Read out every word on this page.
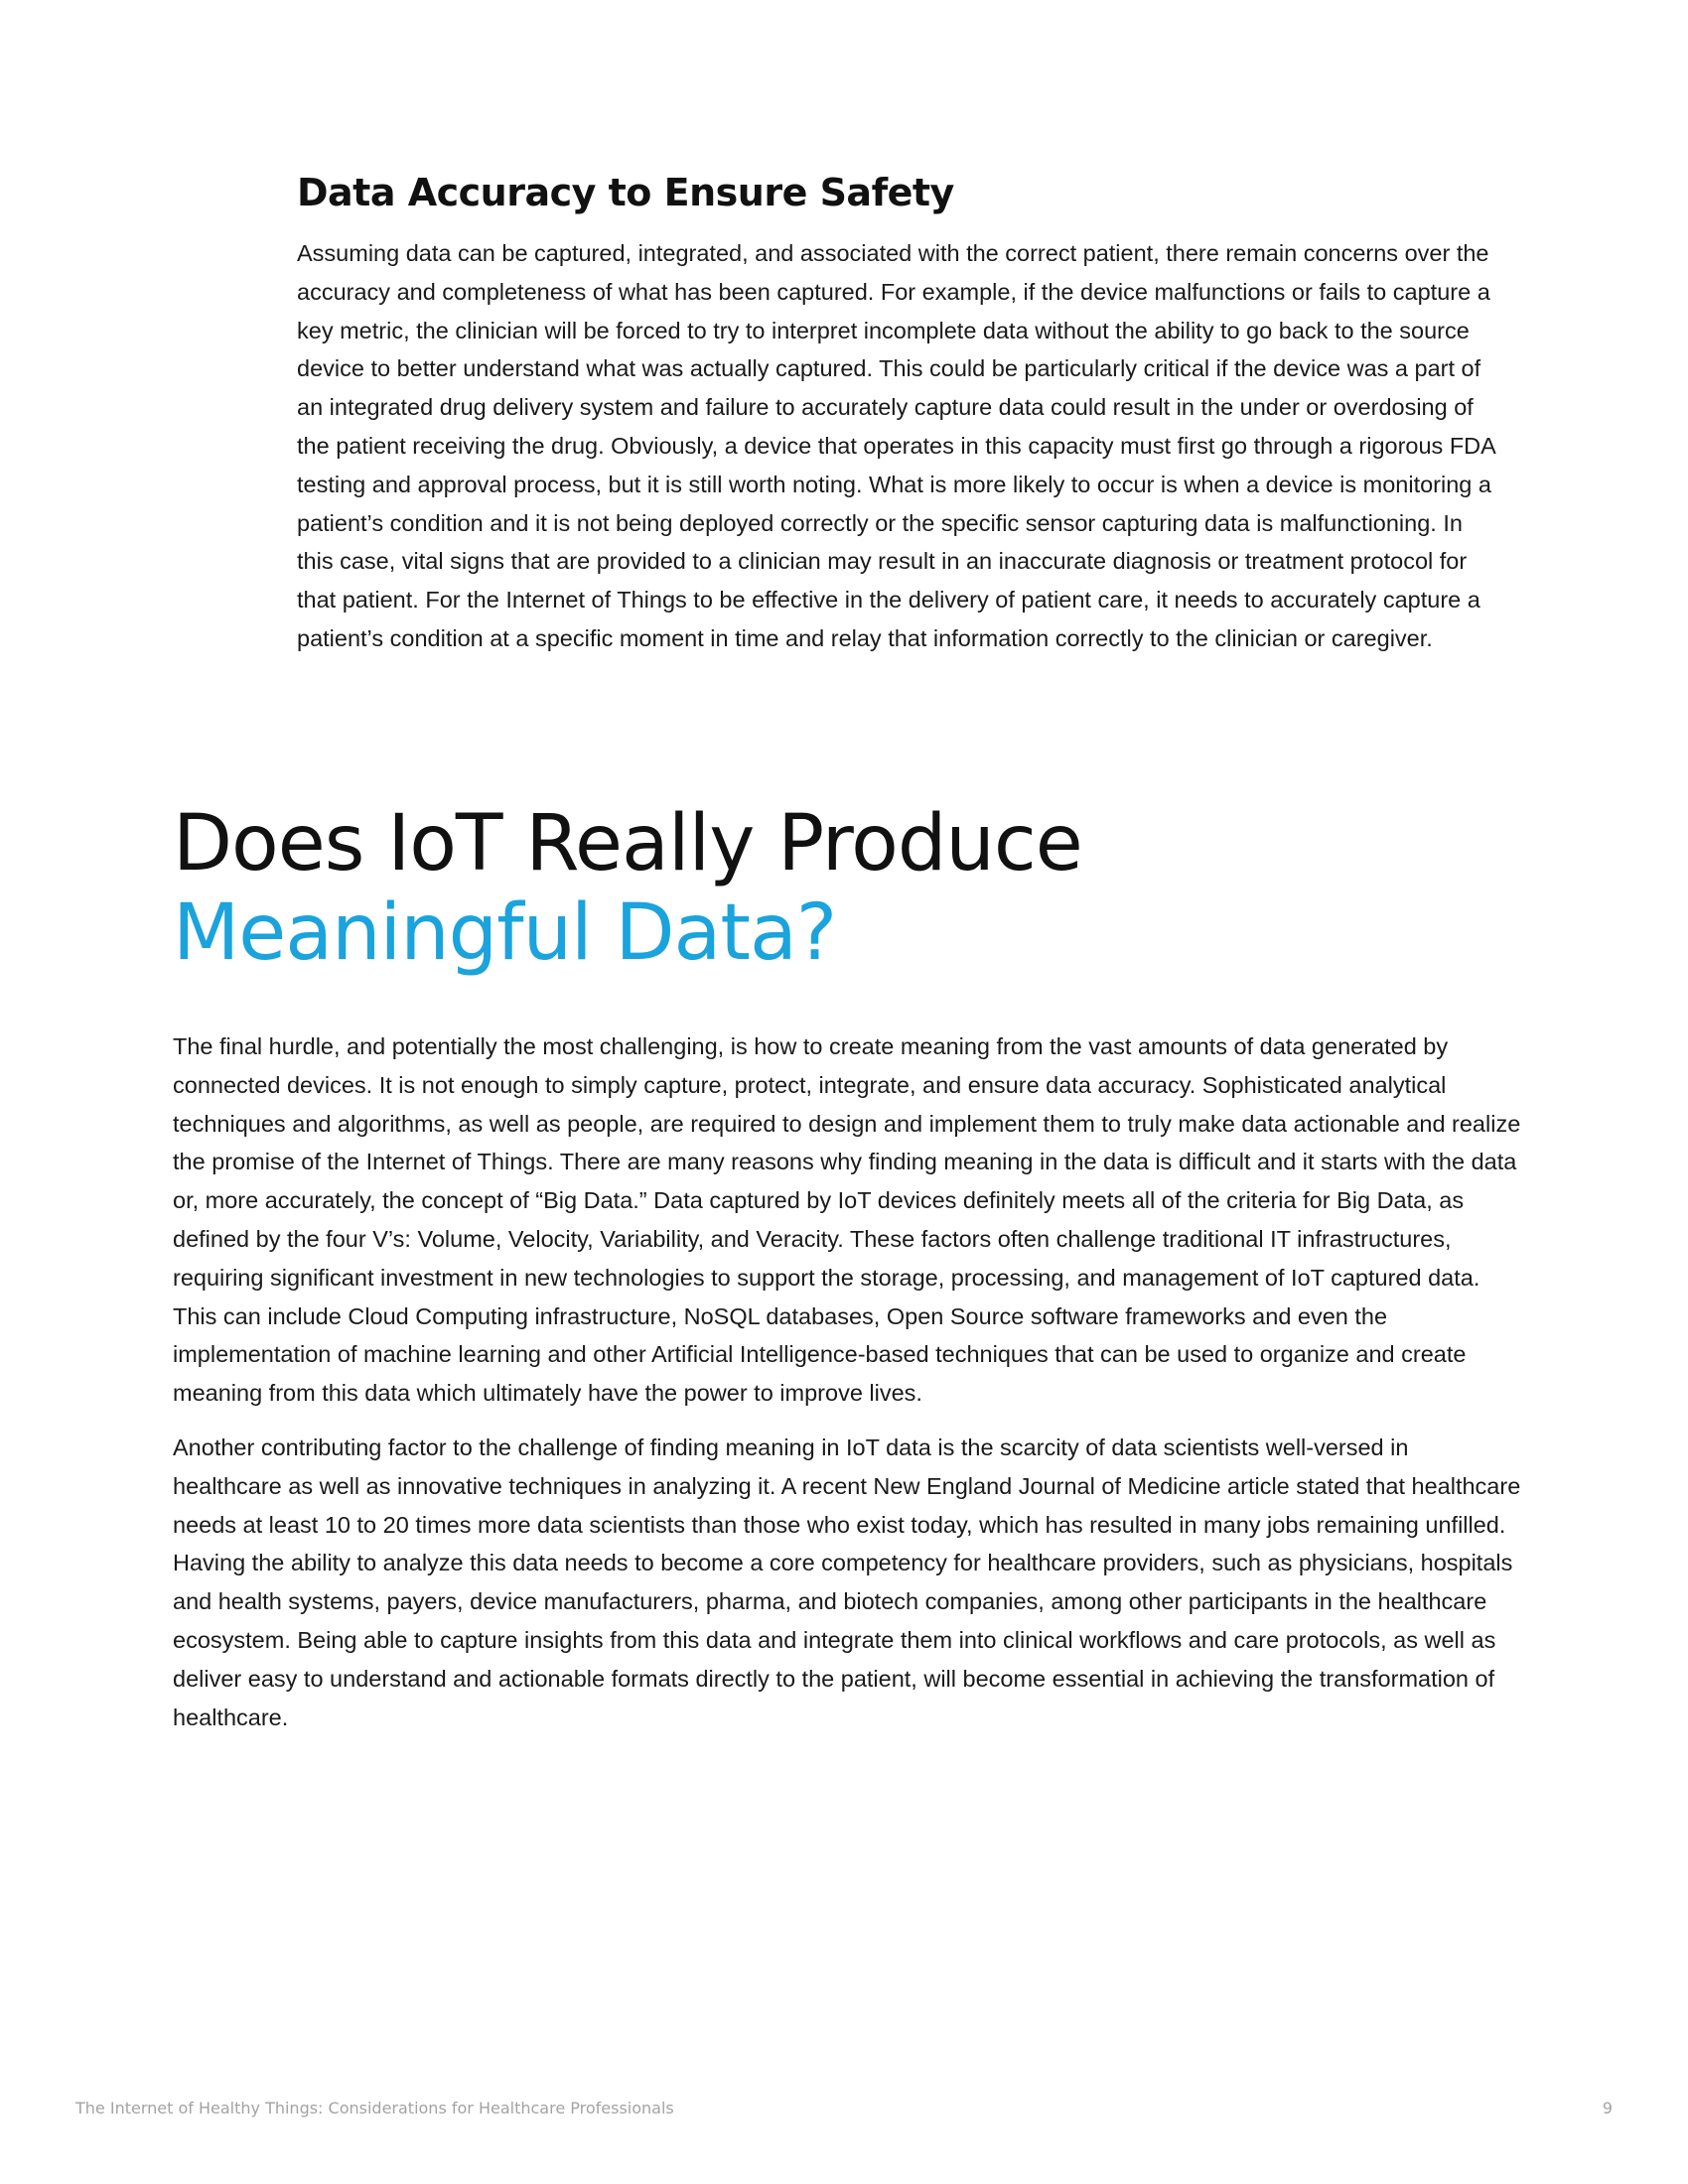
Data Accuracy to Ensure Safety

Assuming data can be captured, integrated, and associated with the correct patient, there remain concerns over the accuracy and completeness of what has been captured. For example, if the device malfunctions or fails to capture a key metric, the clinician will be forced to try to interpret incomplete data without the ability to go back to the source device to better understand what was actually captured. This could be particularly critical if the device was a part of an integrated drug delivery system and failure to accurately capture data could result in the under or overdosing of the patient receiving the drug. Obviously, a device that operates in this capacity must first go through a rigorous FDA testing and approval process, but it is still worth noting. What is more likely to occur is when a device is monitoring a patient’s condition and it is not being deployed correctly or the specific sensor capturing data is malfunctioning. In this case, vital signs that are provided to a clinician may result in an inaccurate diagnosis or treatment protocol for that patient. For the Internet of Things to be effective in the delivery of patient care, it needs to accurately capture a patient’s condition at a specific moment in time and relay that information correctly to the clinician or caregiver.

Does IoT Really Produce
Meaningful Data?

The final hurdle, and potentially the most challenging, is how to create meaning from the vast amounts of data generated by connected devices. It is not enough to simply capture, protect, integrate, and ensure data accuracy. Sophisticated analytical techniques and algorithms, as well as people, are required to design and implement them to truly make data actionable and realize the promise of the Internet of Things. There are many reasons why finding meaning in the data is difficult and it starts with the data or, more accurately, the concept of “Big Data.” Data captured by IoT devices definitely meets all of the criteria for Big Data, as defined by the four V’s: Volume, Velocity, Variability, and Veracity. These factors often challenge traditional IT infrastructures, requiring significant investment in new technologies to support the storage, processing, and management of IoT captured data. This can include Cloud Computing infrastructure, NoSQL databases, Open Source software frameworks and even the implementation of machine learning and other Artificial Intelligence-based techniques that can be used to organize and create meaning from this data which ultimately have the power to improve lives.

Another contributing factor to the challenge of finding meaning in IoT data is the scarcity of data scientists well-versed in healthcare as well as innovative techniques in analyzing it. A recent New England Journal of Medicine article stated that healthcare needs at least 10 to 20 times more data scientists than those who exist today, which has resulted in many jobs remaining unfilled. Having the ability to analyze this data needs to become a core competency for healthcare providers, such as physicians, hospitals and health systems, payers, device manufacturers, pharma, and biotech companies, among other participants in the healthcare ecosystem. Being able to capture insights from this data and integrate them into clinical workflows and care protocols, as well as deliver easy to understand and actionable formats directly to the patient, will become essential in achieving the transformation of healthcare.

The Internet of Healthy Things: Considerations for Healthcare Professionals	9
